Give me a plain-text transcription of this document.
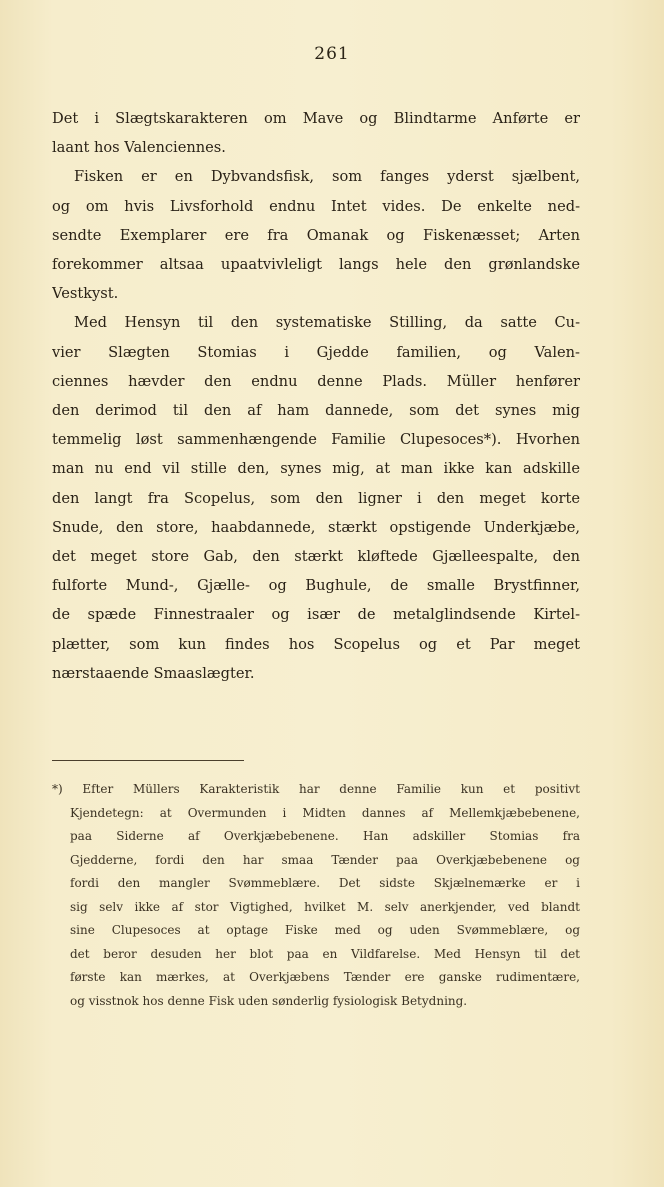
261
Det i Slægtskarakteren om Mave og Blindtarme Anførte er
laant hos Valenciennes.
Fisken er en Dybvandsfisk, som fanges yderst sjælbent,
og om hvis Livsforhold endnu Intet vides. De enkelte ned-
sendte Exemplarer ere fra Omanak og Fiskenæsset; Arten
forekommer altsaa upaatvivleligt langs hele den grønlandske
Vestkyst.
Med Hensyn til den systematiske Stilling, da satte Cu-
vier Slægten Stomias i Gjedde familien, og Valen-
ciennes hævder den endnu denne Plads. Müller henfører
den derimod til den af ham dannede, som det synes mig
temmelig løst sammenhængende Familie Clupesoces*). Hvorhen
man nu end vil stille den, synes mig, at man ikke kan adskille
den langt fra Scopelus, som den ligner i den meget korte
Snude, den store, haabdannede, stærkt opstigende Underkjæbe,
det meget store Gab, den stærkt kløftede Gjælleespalte, den
fulforte Mund-, Gjælle- og Bughule, de smalle Brystfinner,
de spæde Finnestraaler og især de metalglindsende Kirtel-
plætter, som kun findes hos Scopelus og et Par meget
nærstaaende Smaaslægter.
*) Efter Müllers Karakteristik har denne Familie kun et positivt
Kjendetegn: at Overmunden i Midten dannes af Mellemkjæbebenene,
paa Siderne af Overkjæbebenene. Han adskiller Stomias fra
Gjedderne, fordi den har smaa Tænder paa Overkjæbebenene og
fordi den mangler Svømmeblære. Det sidste Skjælnemærke er i
sig selv ikke af stor Vigtighed, hvilket M. selv anerkjender, ved blandt
sine Clupesoces at optage Fiske med og uden Svømmeblære, og
det beror desuden her blot paa en Vildfarelse. Med Hensyn til det
første kan mærkes, at Overkjæbens Tænder ere ganske rudimentære,
og visstnok hos denne Fisk uden sønderlig fysiologisk Betydning.
